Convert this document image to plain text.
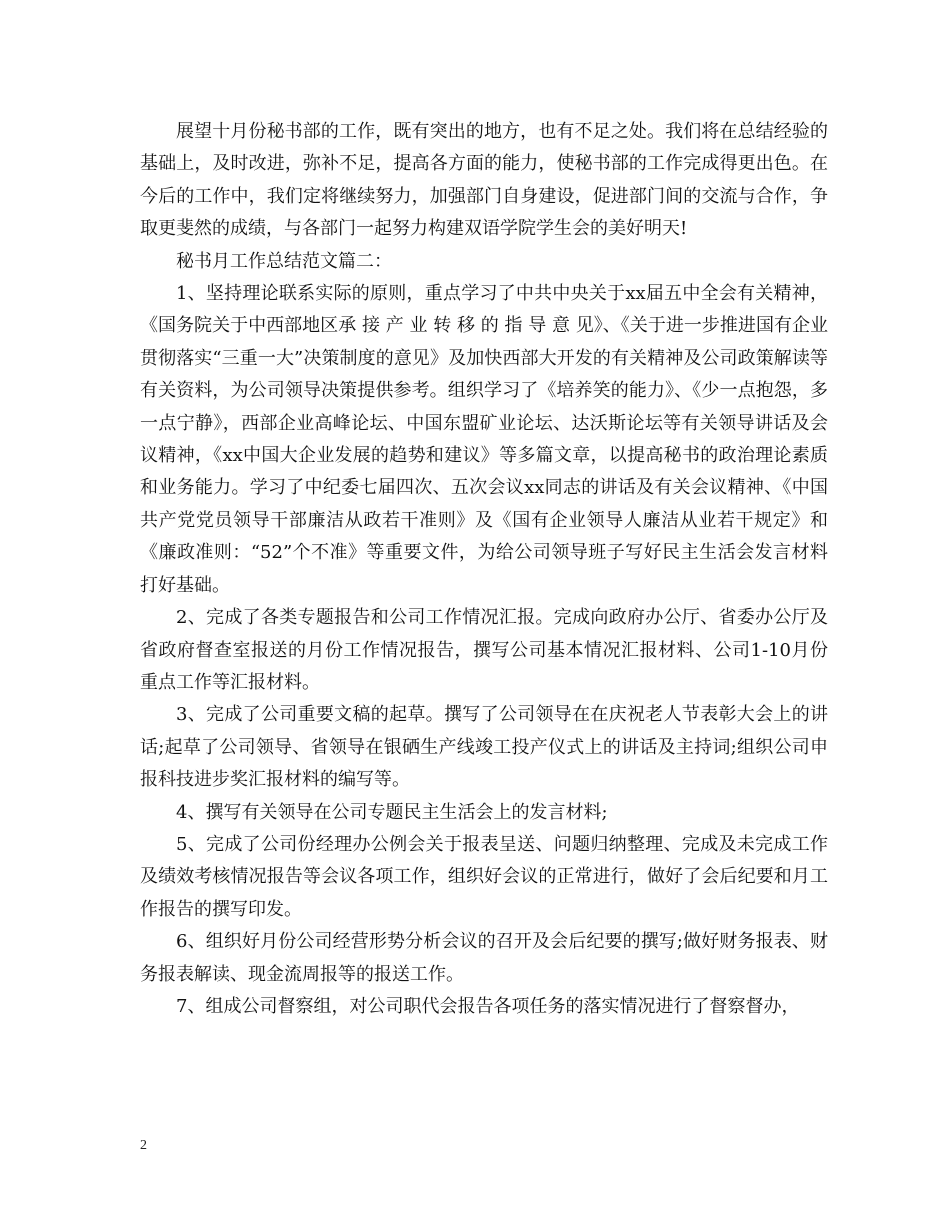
展望十月份秘书部的工作，既有突出的地方，也有不足之处。我们将在总结经验的基础上，及时改进，弥补不足，提高各方面的能力，使秘书部的工作完成得更出色。在今后的工作中，我们定将继续努力，加强部门自身建设，促进部门间的交流与合作，争取更斐然的成绩，与各部门一起努力构建双语学院学生会的美好明天!

秘书月工作总结范文篇二：

1、坚持理论联系实际的原则，重点学习了中共中央关于xx届五中全会有关精神，《国务院关于中西部地区承 接 产 业 转 移 的 指 导 意 见》、《关于进一步推进国有企业贯彻落实“三重一大”决策制度的意见》及加快西部大开发的有关精神及公司政策解读等有关资料，为公司领导决策提供参考。组织学习了《培养笑的能力》、《少一点抱怨，多一点宁静》，西部企业高峰论坛、中国东盟矿业论坛、达沃斯论坛等有关领导讲话及会议精神，《xx中国大企业发展的趋势和建议》等多篇文章，以提高秘书的政治理论素质和业务能力。学习了中纪委七届四次、五次会议xx同志的讲话及有关会议精神、《中国共产党党员领导干部廉洁从政若干准则》及《国有企业领导人廉洁从业若干规定》和《廉政准则：“52”个不准》等重要文件，为给公司领导班子写好民主生活会发言材料打好基础。

2、完成了各类专题报告和公司工作情况汇报。完成向政府办公厅、省委办公厅及省政府督查室报送的月份工作情况报告，撰写公司基本情况汇报材料、公司1-10月份重点工作等汇报材料。

3、完成了公司重要文稿的起草。撰写了公司领导在在庆祝老人节表彰大会上的讲话;起草了公司领导、省领导在银硒生产线竣工投产仪式上的讲话及主持词;组织公司申报科技进步奖汇报材料的编写等。

4、撰写有关领导在公司专题民主生活会上的发言材料;

5、完成了公司份经理办公例会关于报表呈送、问题归纳整理、完成及未完成工作及绩效考核情况报告等会议各项工作，组织好会议的正常进行，做好了会后纪要和月工作报告的撰写印发。

6、组织好月份公司经营形势分析会议的召开及会后纪要的撰写;做好财务报表、财务报表解读、现金流周报等的报送工作。

7、组成公司督察组，对公司职代会报告各项任务的落实情况进行了督察督办，

2
